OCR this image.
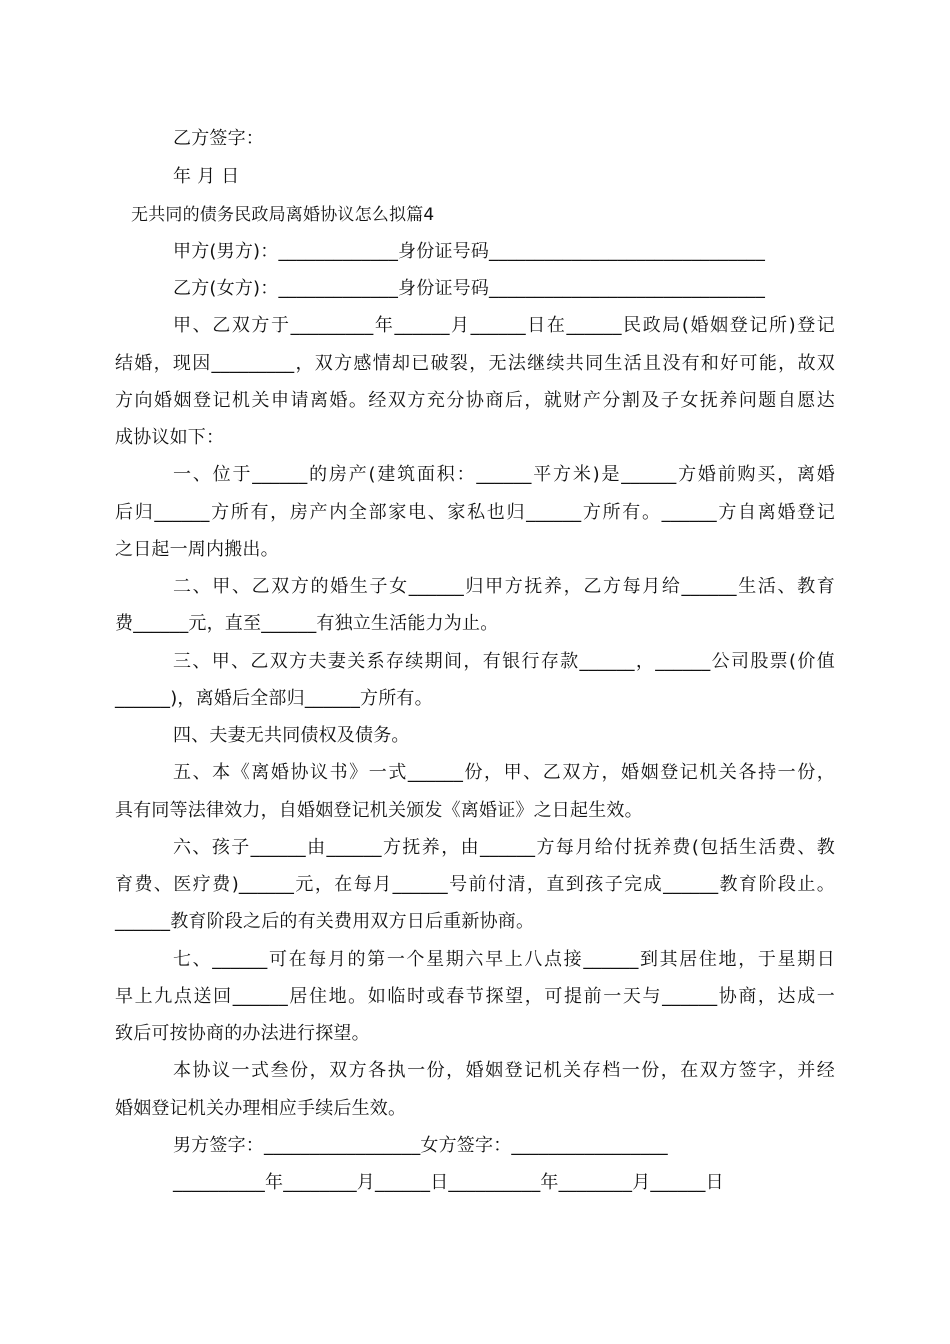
乙方签字：
年 月 日
无共同的债务民政局离婚协议怎么拟篇4
甲方(男方)：_____________身份证号码______________________________
乙方(女方)：_____________身份证号码______________________________
甲、乙双方于_________年______月______日在______民政局(婚姻登记所)登记
结婚，现因_________，双方感情却已破裂，无法继续共同生活且没有和好可能，故双
方向婚姻登记机关申请离婚。经双方充分协商后，就财产分割及子女抚养问题自愿达
成协议如下：
一、位于______的房产(建筑面积：______平方米)是______方婚前购买，离婚
后归______方所有，房产内全部家电、家私也归______方所有。______方自离婚登记
之日起一周内搬出。
二、甲、乙双方的婚生子女______归甲方抚养，乙方每月给______生活、教育
费______元，直至______有独立生活能力为止。
三、甲、乙双方夫妻关系存续期间，有银行存款______，______公司股票(价值
______)，离婚后全部归______方所有。
四、夫妻无共同债权及债务。
五、本《离婚协议书》一式______份，甲、乙双方，婚姻登记机关各持一份，
具有同等法律效力，自婚姻登记机关颁发《离婚证》之日起生效。
六、孩子______由______方抚养，由______方每月给付抚养费(包括生活费、教
育费、医疗费)______元，在每月______号前付清，直到孩子完成______教育阶段止。
______教育阶段之后的有关费用双方日后重新协商。
七、______可在每月的第一个星期六早上八点接______到其居住地，于星期日
早上九点送回______居住地。如临时或春节探望，可提前一天与______协商，达成一
致后可按协商的办法进行探望。
本协议一式叁份，双方各执一份，婚姻登记机关存档一份，在双方签字，并经
婚姻登记机关办理相应手续后生效。
男方签字：_________________女方签字：_________________
__________年________月______日__________年________月______日
